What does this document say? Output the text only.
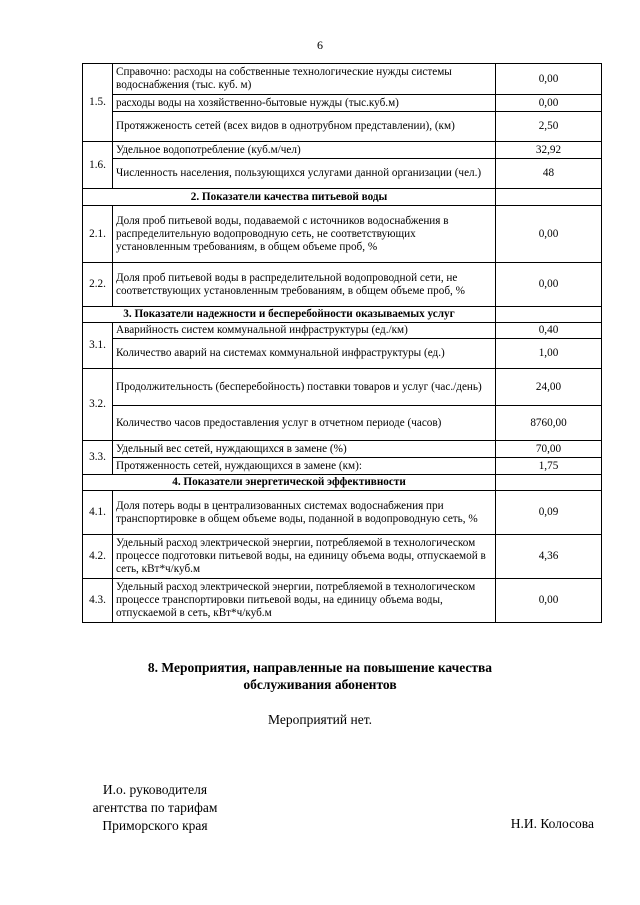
6
1.5.	Справочно: расходы на собственные технологические нужды системы водоснабжения (тыс. куб. м)	0,00
	расходы воды на хозяйственно-бытовые нужды (тыс.куб.м)	0,00
	Протяжженость сетей (всех видов в однотрубном представлении), (км)	2,50
1.6.	Удельное водопотребление (куб.м/чел)	32,92
	Численность населения, пользующихся услугами данной организации (чел.)	48
2. Показатели качества питьевой воды		
2.1.	Доля проб питьевой воды, подаваемой с источников водоснабжения в распределительную водопроводную сеть, не соответствующих установленным требованиям, в общем объеме проб, %	0,00
2.2.	Доля проб питьевой воды в распределительной водопроводной сети, не соответствующих установленным требованиям, в общем объеме проб, %	0,00
3. Показатели надежности и бесперебойности оказываемых услуг		
3.1.	Аварийность систем коммунальной инфраструктуры (ед./км)	0,40
	Количество аварий на системах коммунальной инфраструктуры (ед.)	1,00
3.2.	Продолжительность (бесперебойность) поставки товаров и услуг (час./день)	24,00
	Количество часов предоставления услуг в отчетном периоде (часов)	8760,00
3.3.	Удельный вес сетей, нуждающихся в замене (%)	70,00
	Протяженность сетей, нуждающихся в замене (км):	1,75
4. Показатели энергетической эффективности		
4.1.	Доля потерь воды в централизованных системах водоснабжения при транспортировке в общем объеме воды, поданной в водопроводную сеть, %	0,09
4.2.	Удельный расход электрической энергии, потребляемой в технологическом процессе подготовки питьевой воды, на единицу объема воды, отпускаемой в сеть, кВт*ч/куб.м	4,36
4.3.	Удельный расход электрической энергии, потребляемой в технологическом процессе транспортировки питьевой воды, на единицу объема воды, отпускаемой в сеть, кВт*ч/куб.м	0,00
8. Мероприятия, направленные на повышение качества
обслуживания абонентов
Мероприятий нет.
И.о. руководителя
агентства по тарифам
Приморского края	Н.И. Колосова
